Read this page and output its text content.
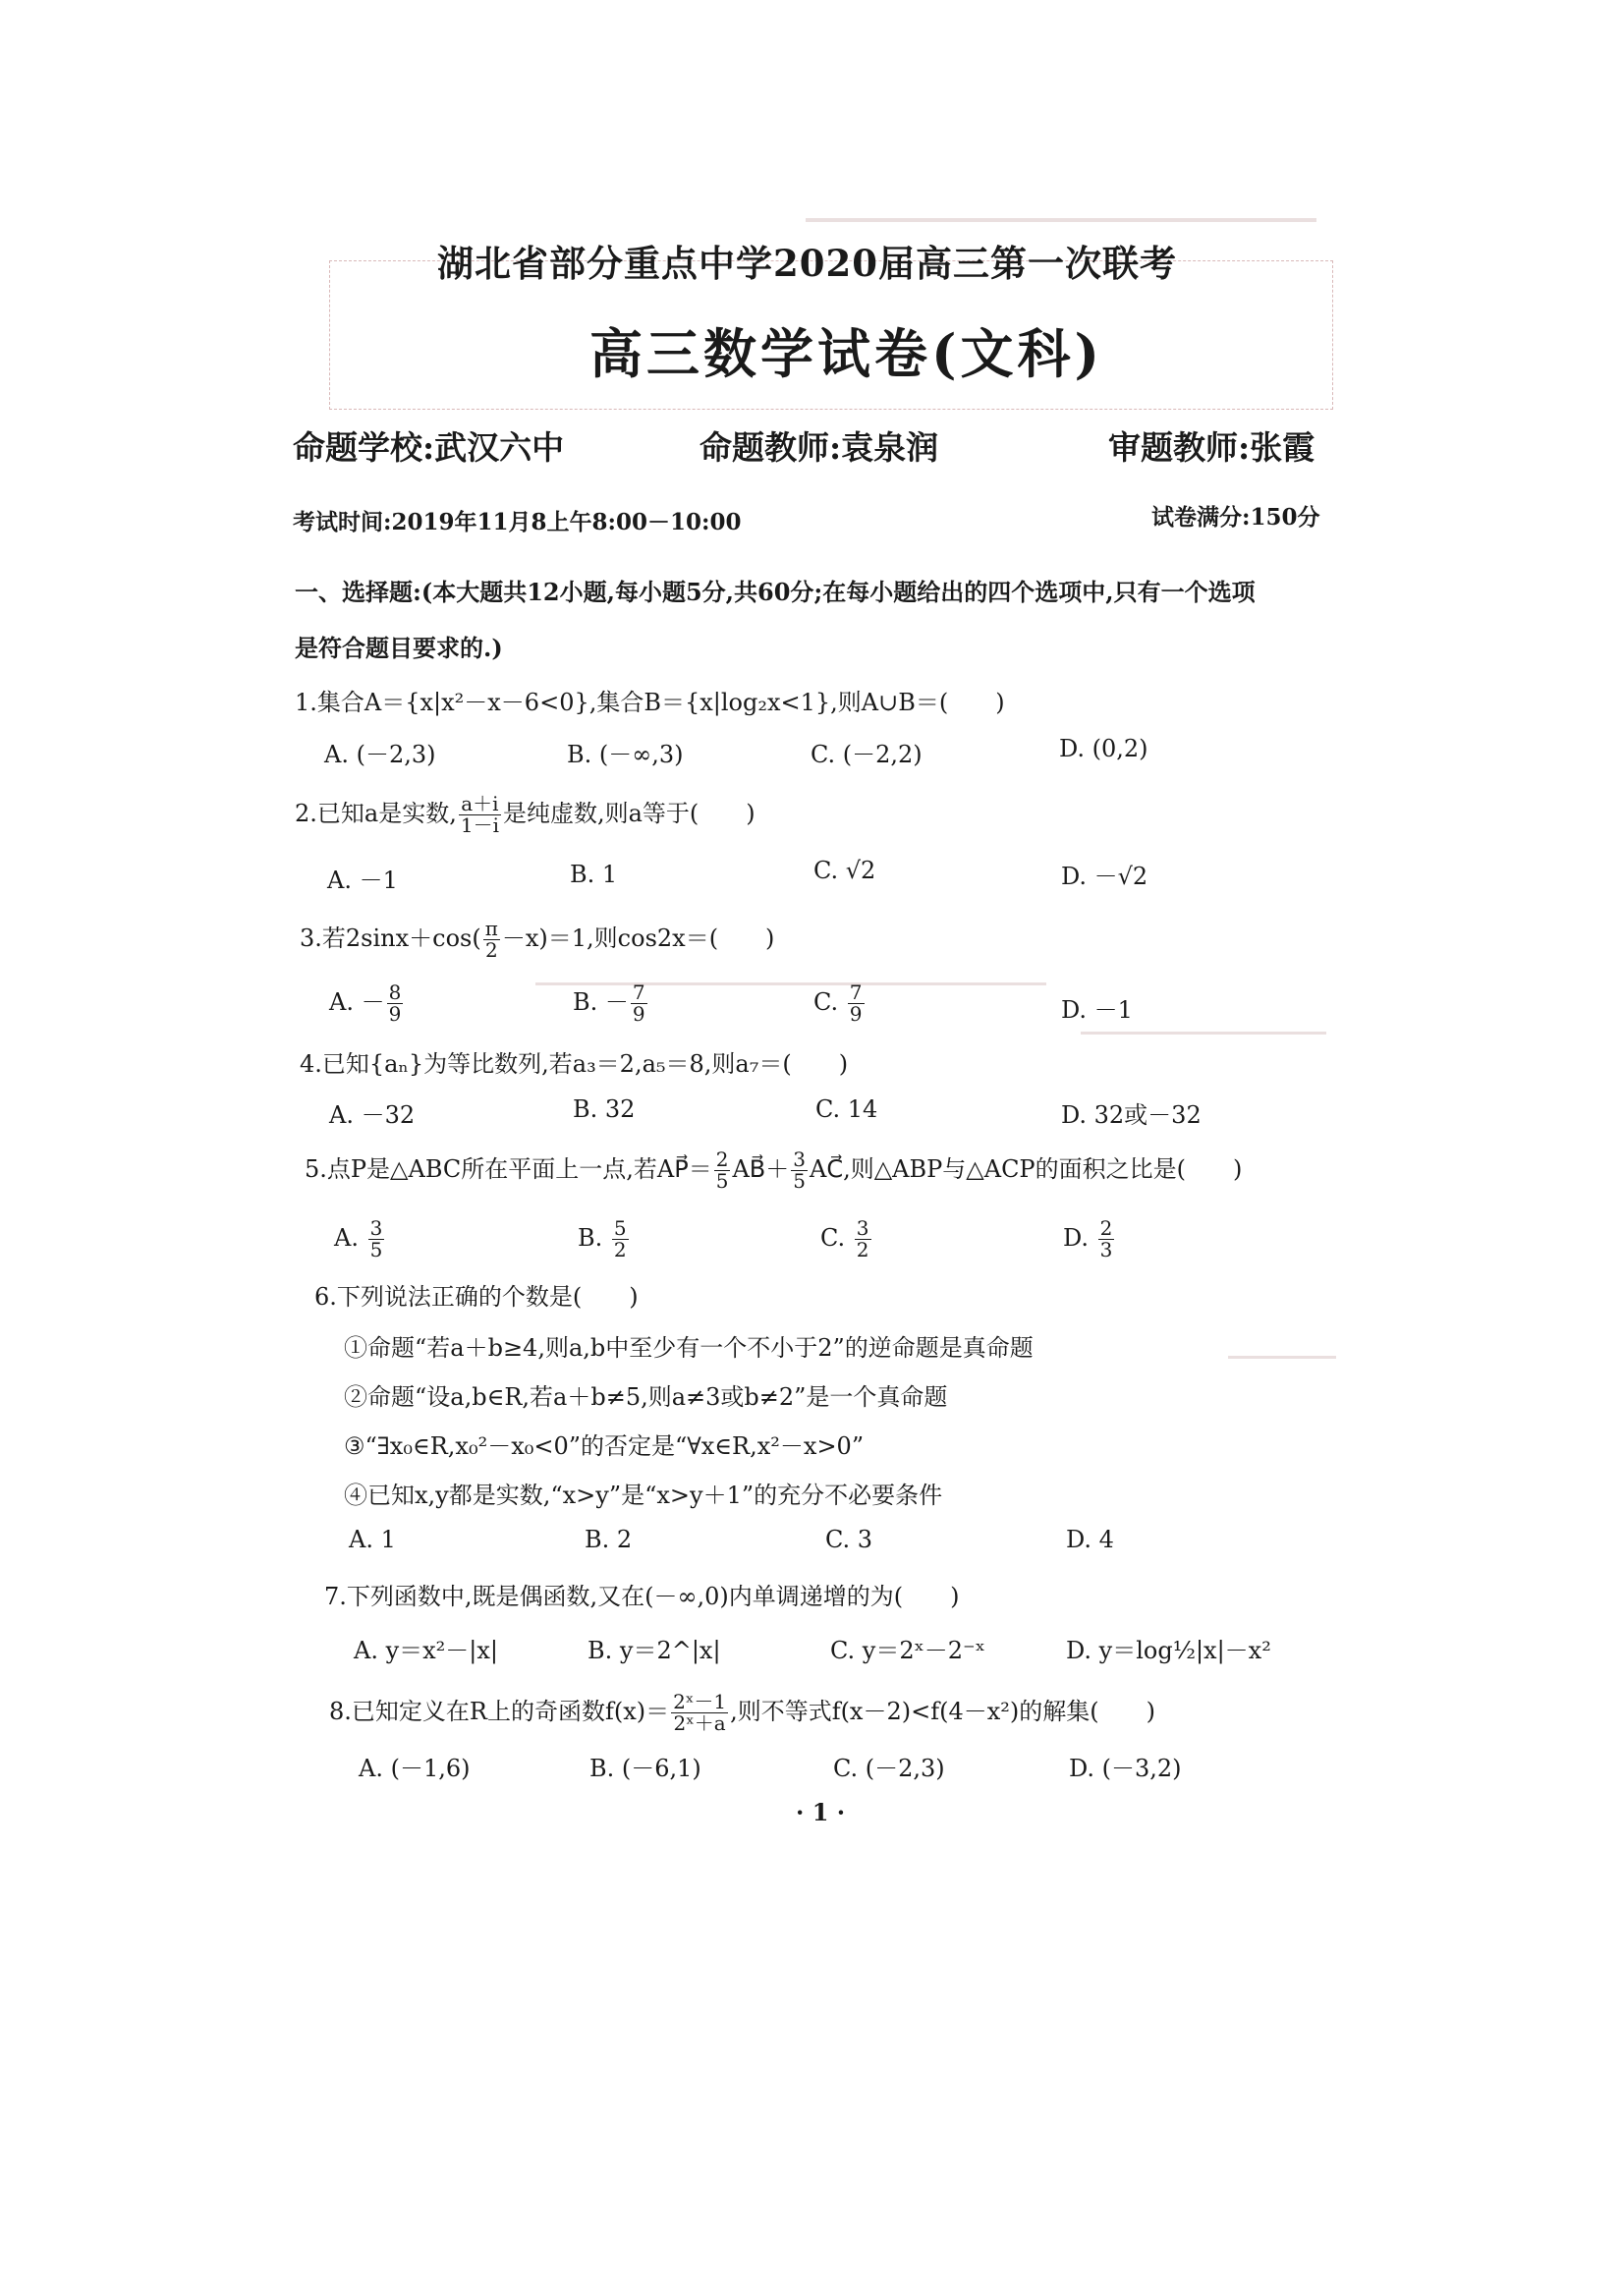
湖北省部分重点中学2020届高三第一次联考
高三数学试卷(文科)
命题学校:武汉六中	命题教师:袁泉润	审题教师:张霞
考试时间:2019年11月8上午8:00－10:00	试卷满分:150分
一、选择题:(本大题共12小题,每小题5分,共60分;在每小题给出的四个选项中,只有一个选项
是符合题目要求的.)
1.集合A＝{x|x²－x－6<0},集合B＝{x|log₂x<1},则A∪B＝(　　)
A. (－2,3)	B. (－∞,3)	C. (－2,2)	D. (0,2)
2.已知a是实数, $\frac{a+i}{1-i}$ 是纯虚数,则a等于(　　)
A. －1	B. 1	C. √2	D. －√2
3.若$2\sin x+\cos( \frac{\pi}{2} -x)=1$,则cos2x＝(　　)
A. － $\frac{8}{9}$	B. － $\frac{7}{9}$	C. $\frac{7}{9}$	D. －1
4.已知{aₙ}为等比数列,若a₃＝2,a₅＝8,则a₇＝(　　)
A. －32	B. 32	C. 14	D. 32或－32
5.点P是△ABC所在平面上一点,若AP⃗＝ $\frac{2}{5}$ AB⃗＋ $\frac{3}{5}$ AC⃗,则△ABP与△ACP的面积之比是(　　)
A. $\frac{3}{5}$	B. $\frac{5}{2}$	C. $\frac{3}{2}$	D. $\frac{2}{3}$
6.下列说法正确的个数是(　　)
①命题“若a＋b≥4,则a,b中至少有一个不小于2”的逆命题是真命题
②命题“设a,b∈R,若a＋b≠5,则a≠3或b≠2”是一个真命题
③“∃x₀∈R,x₀²－x₀<0”的否定是“∀x∈R,x²－x>0”
④已知x,y都是实数,“x>y”是“x>y＋1”的充分不必要条件
A. 1	B. 2	C. 3	D. 4
7.下列函数中,既是偶函数,又在(－∞,0)内单调递增的为(　　)
A. y＝x²－|x|	B. y＝2^|x|	C. y＝2ˣ－2⁻ˣ	D. y＝log½|x|－x²
8.已知定义在R上的奇函数$f(x)= \frac{\text{2ˣ－1}}{\text{2ˣ＋a}}$ ,则不等式f(x－2)<f(4－x²)的解集(　　)
A. (－1,6)	B. (－6,1)	C. (－2,3)	D. (－3,2)
· 1 ·
